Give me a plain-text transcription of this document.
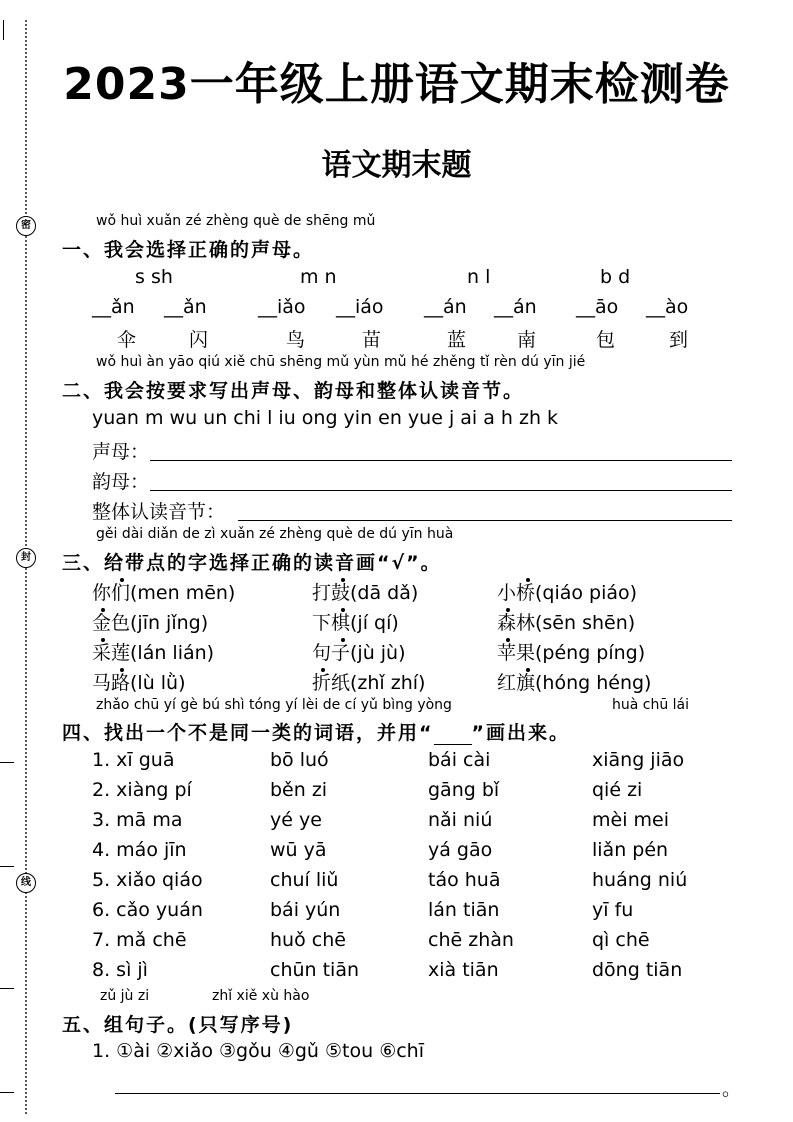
密
封
线
2023一年级上册语文期末检测卷
语文期末题
wǒ huì xuǎn zé zhèng què de shēng mǔ
一、我会选择正确的声母。
s sh	m n	n l	b d
__ǎn __ǎn	__iǎo __iáo __án __án __āo __ào
伞	闪	鸟	苗	蓝	南	包	到
wǒ huì àn yāo qiú xiě chū shēng mǔ yùn mǔ hé zhěng tǐ rèn dú yīn jié
二、我会按要求写出声母、韵母和整体认读音节。
yuan m wu un chi l iu ong yin en yue j ai a h zh k
声母：
韵母：
整体认读音节：
gěi dài diǎn de zì xuǎn zé zhèng què de dú yīn huà
三、给带点的字选择正确的读音画“√”。
你们(men mēn)	打鼓(dā dǎ)	小桥(qiáo piáo)
金色(jīn jǐng)	下棋(jí qí)	森林(sēn shēn)
采莲(lán lián)	句子(jù jù)	苹果(péng píng)
马路(lù lǜ)	折纸(zhǐ zhí)	红旗(hóng héng)
zhǎo chū yí gè bú shì tóng yí lèi de cí yǔ bìng yòng	huà chū lái
四、找出一个不是同一类的词语，并用“ ”画出来。
1. xī guā	bō luó	bái cài	xiāng jiāo
2. xiàng pí	běn zi	gāng bǐ	qié zi
3. mā ma	yé ye	nǎi niú	mèi mei
4. máo jīn	wū yā	yá gāo	liǎn pén
5. xiǎo qiáo	chuí liǔ	táo huā	huáng niú
6. cǎo yuán	bái yún	lán tiān	yī fu
7. mǎ chē	huǒ chē	chē zhàn	qì chē
8. sì jì	chūn tiān	xià tiān	dōng tiān
zǔ jù zi	zhǐ xiě xù hào
五、组句子。(只写序号)
1. ①ài ②xiǎo ③gǒu ④gǔ ⑤tou ⑥chī
。
